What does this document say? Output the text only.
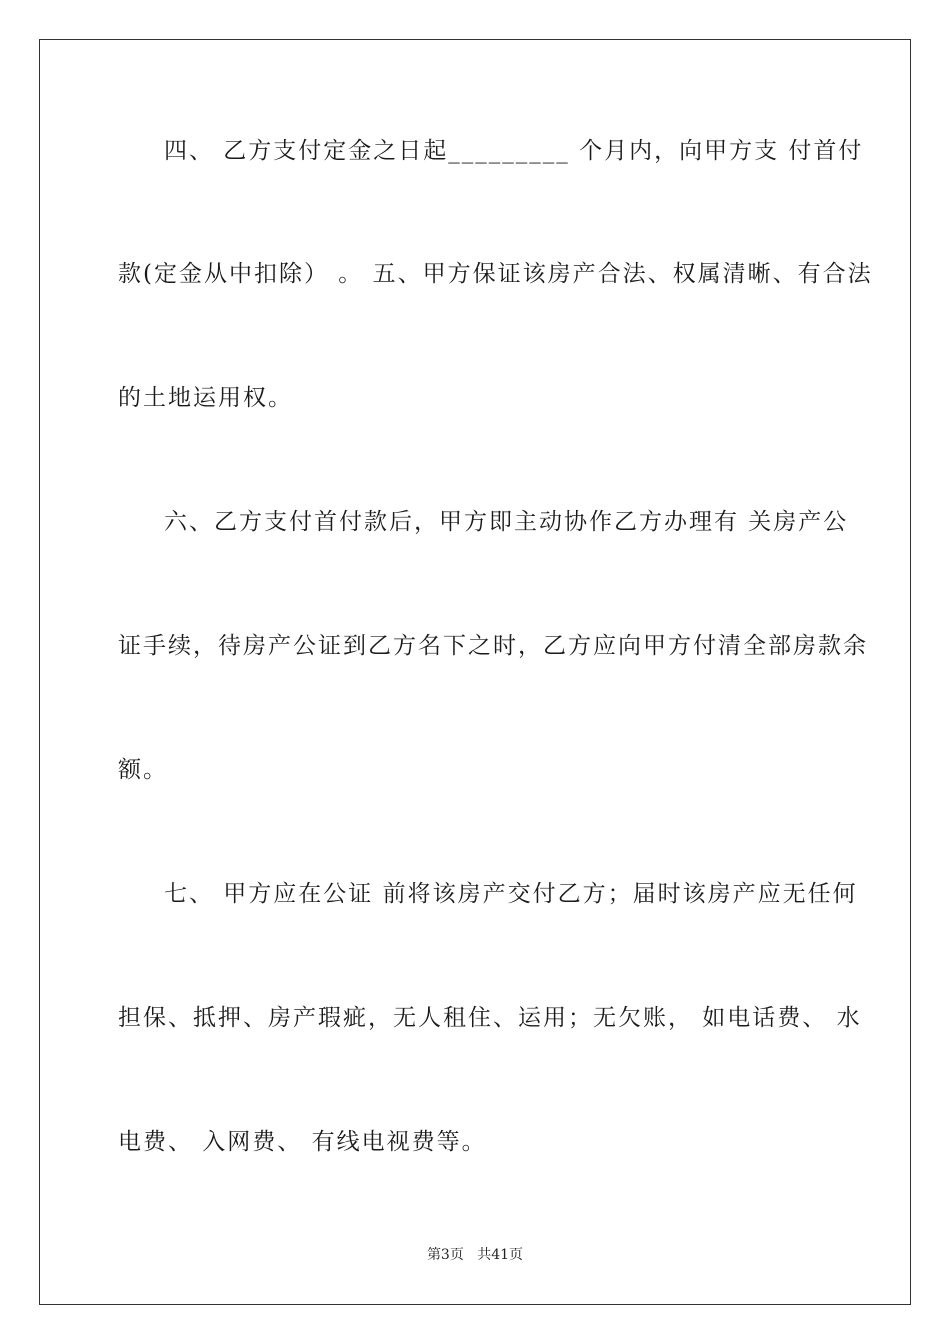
四、 乙方支付定金之日起_________ 个月内，向甲方支 付首付
款(定金从中扣除） 。 五、甲方保证该房产合法、权属清晰、有合法
的土地运用权。
六、乙方支付首付款后，甲方即主动协作乙方办理有 关房产公
证手续，待房产公证到乙方名下之时，乙方应向甲方付清全部房款余
额。
七、 甲方应在公证 前将该房产交付乙方；届时该房产应无任何
担保、抵押、房产瑕疵，无人租住、运用；无欠账， 如电话费、 水
电费、 入网费、 有线电视费等。
第3页 共41页
